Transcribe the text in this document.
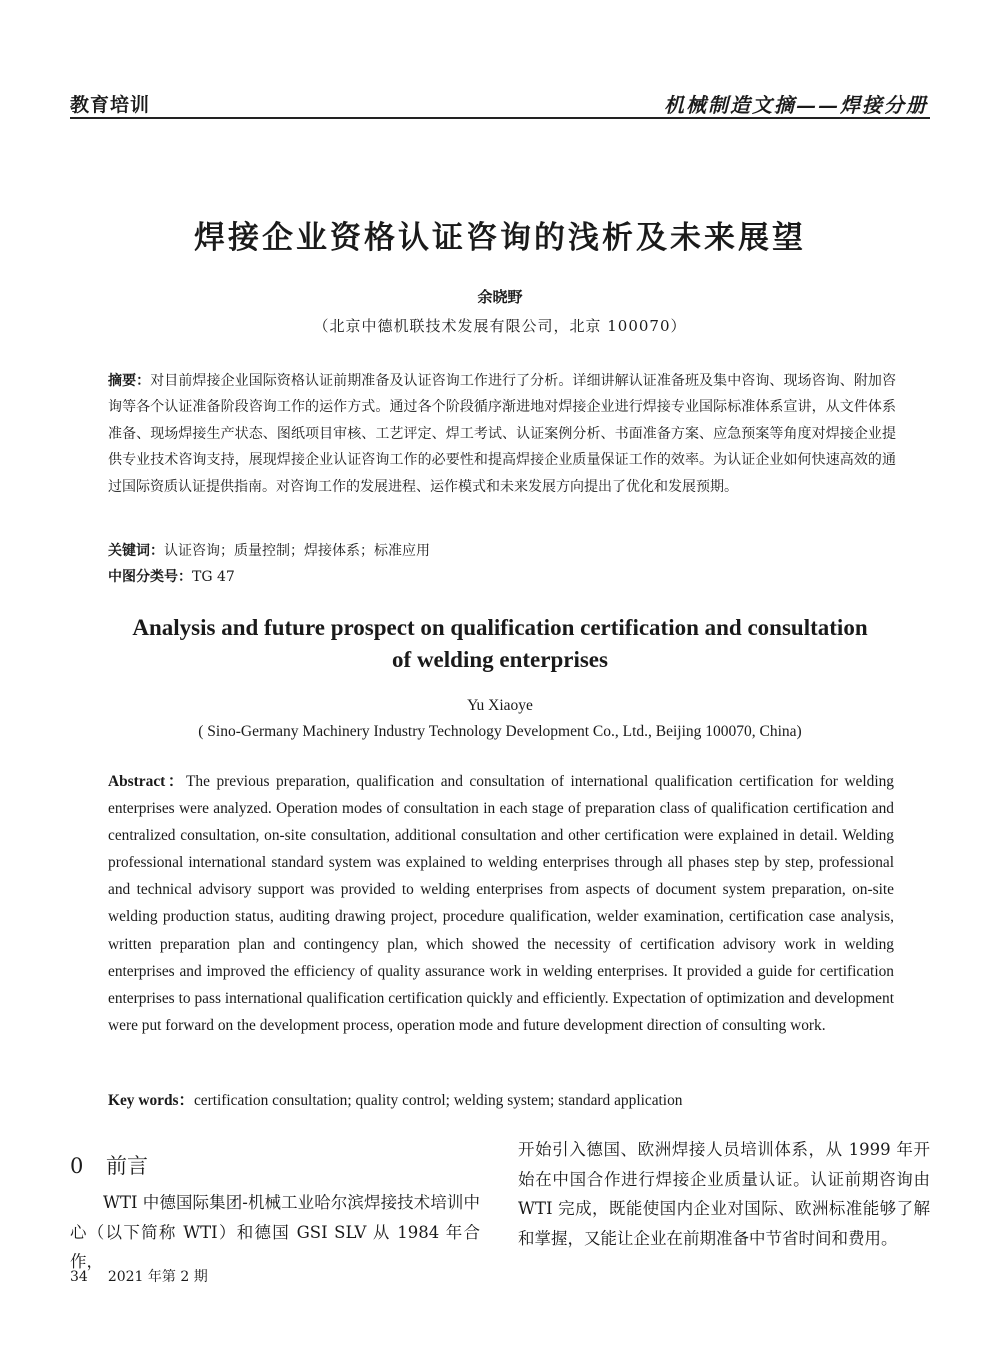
教育培训	机械制造文摘——焊接分册
焊接企业资格认证咨询的浅析及未来展望
余晓野
（北京中德机联技术发展有限公司，北京 100070）
摘要：对目前焊接企业国际资格认证前期准备及认证咨询工作进行了分析。详细讲解认证准备班及集中咨询、现场咨询、附加咨询等各个认证准备阶段咨询工作的运作方式。通过各个阶段循序渐进地对焊接企业进行焊接专业国际标准体系宣讲，从文件体系准备、现场焊接生产状态、图纸项目审核、工艺评定、焊工考试、认证案例分析、书面准备方案、应急预案等角度对焊接企业提供专业技术咨询支持，展现焊接企业认证咨询工作的必要性和提高焊接企业质量保证工作的效率。为认证企业如何快速高效的通过国际资质认证提供指南。对咨询工作的发展进程、运作模式和未来发展方向提出了优化和发展预期。
关键词：认证咨询；质量控制；焊接体系；标准应用
中图分类号：TG 47
Analysis and future prospect on qualification certification and consultation of welding enterprises
Yu Xiaoye
( Sino-Germany Machinery Industry Technology Development Co., Ltd., Beijing 100070, China)
Abstract：The previous preparation, qualification and consultation of international qualification certification for welding enterprises were analyzed. Operation modes of consultation in each stage of preparation class of qualification certification and centralized consultation, on-site consultation, additional consultation and other certification were explained in detail. Welding professional international standard system was explained to welding enterprises through all phases step by step, professional and technical advisory support was provided to welding enterprises from aspects of document system preparation, on-site welding production status, auditing drawing project, procedure qualification, welder examination, certification case analysis, written preparation plan and contingency plan, which showed the necessity of certification advisory work in welding enterprises and improved the efficiency of quality assurance work in welding enterprises. It provided a guide for certification enterprises to pass international qualification certification quickly and efficiently. Expectation of optimization and development were put forward on the development process, operation mode and future development direction of consulting work.
Key words：certification consultation; quality control; welding system; standard application
0 前言

WTI 中德国际集团-机械工业哈尔滨焊接技术培训中心（以下简称 WTI）和德国 GSI SLV 从 1984 年合作，

开始引入德国、欧洲焊接人员培训体系，从 1999 年开始在中国合作进行焊接企业质量认证。认证前期咨询由 WTI 完成，既能使国内企业对国际、欧洲标准能够了解和掌握，又能让企业在前期准备中节省时间和费用。

34 2021 年第 2 期
